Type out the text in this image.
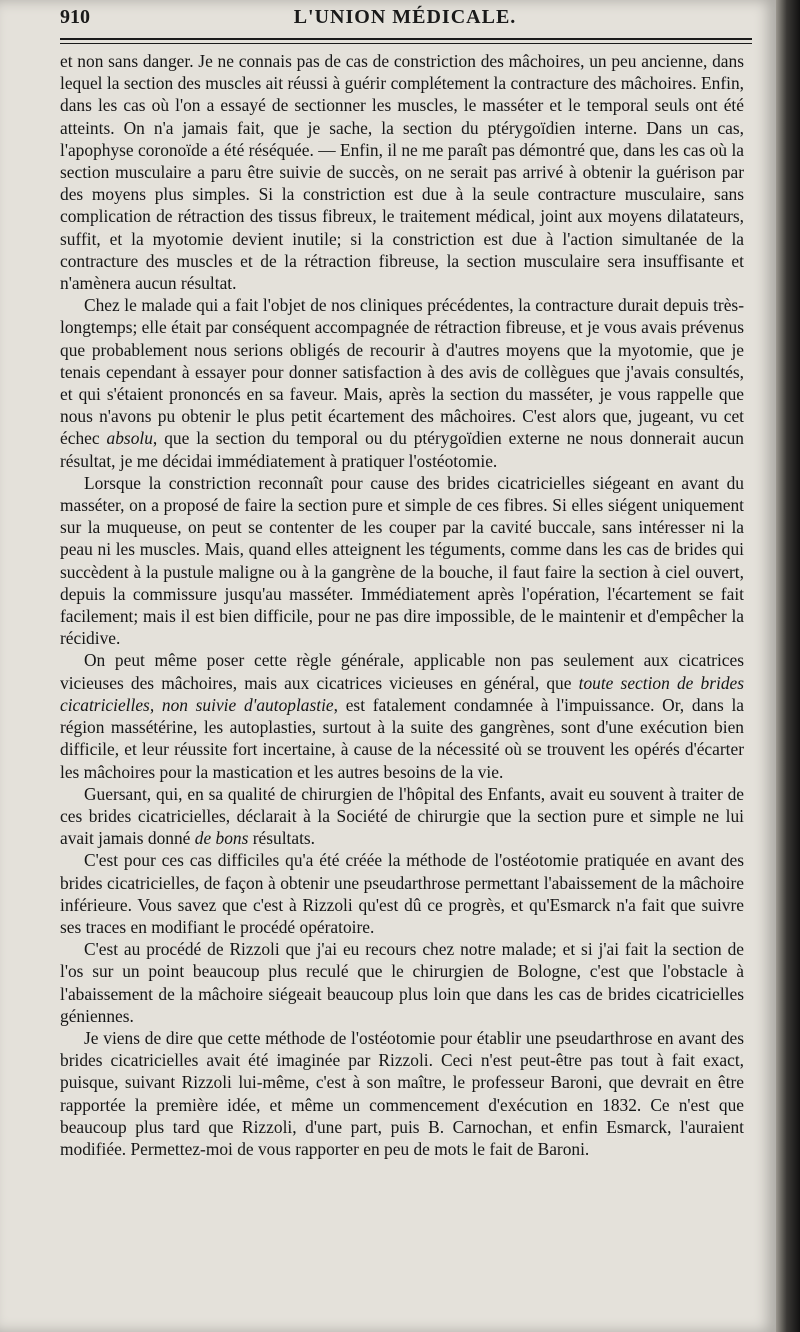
910	L'UNION MÉDICALE.

et non sans danger. Je ne connais pas de cas de constriction des mâchoires, un peu ancienne, dans lequel la section des muscles ait réussi à guérir complétement la contracture des mâchoires. Enfin, dans les cas où l'on a essayé de sectionner les muscles, le masséter et le temporal seuls ont été atteints. On n'a jamais fait, que je sache, la section du ptérygoïdien interne. Dans un cas, l'apophyse coronoïde a été réséquée. — Enfin, il ne me paraît pas démontré que, dans les cas où la section musculaire a paru être suivie de succès, on ne serait pas arrivé à obtenir la guérison par des moyens plus simples. Si la constriction est due à la seule contracture musculaire, sans complication de rétraction des tissus fibreux, le traitement médical, joint aux moyens dilatateurs, suffit, et la myotomie devient inutile; si la constriction est due à l'action simultanée de la contracture des muscles et de la rétraction fibreuse, la section musculaire sera insuffisante et n'amènera aucun résultat.

Chez le malade qui a fait l'objet de nos cliniques précédentes, la contracture durait depuis très-longtemps; elle était par conséquent accompagnée de rétraction fibreuse, et je vous avais prévenus que probablement nous serions obligés de recourir à d'autres moyens que la myotomie, que je tenais cependant à essayer pour donner satisfaction à des avis de collègues que j'avais consultés, et qui s'étaient prononcés en sa faveur. Mais, après la section du masséter, je vous rappelle que nous n'avons pu obtenir le plus petit écartement des mâchoires. C'est alors que, jugeant, vu cet échec absolu, que la section du temporal ou du ptérygoïdien externe ne nous donnerait aucun résultat, je me décidai immédiatement à pratiquer l'ostéotomie.

Lorsque la constriction reconnaît pour cause des brides cicatricielles siégeant en avant du masséter, on a proposé de faire la section pure et simple de ces fibres. Si elles siégent uniquement sur la muqueuse, on peut se contenter de les couper par la cavité buccale, sans intéresser ni la peau ni les muscles. Mais, quand elles atteignent les téguments, comme dans les cas de brides qui succèdent à la pustule maligne ou à la gangrène de la bouche, il faut faire la section à ciel ouvert, depuis la commissure jusqu'au masséter. Immédiatement après l'opération, l'écartement se fait facilement; mais il est bien difficile, pour ne pas dire impossible, de le maintenir et d'empêcher la récidive.

On peut même poser cette règle générale, applicable non pas seulement aux cicatrices vicieuses des mâchoires, mais aux cicatrices vicieuses en général, que toute section de brides cicatricielles, non suivie d'autoplastie, est fatalement condamnée à l'impuissance. Or, dans la région massétérine, les autoplasties, surtout à la suite des gangrènes, sont d'une exécution bien difficile, et leur réussite fort incertaine, à cause de la nécessité où se trouvent les opérés d'écarter les mâchoires pour la mastication et les autres besoins de la vie.

Guersant, qui, en sa qualité de chirurgien de l'hôpital des Enfants, avait eu souvent à traiter de ces brides cicatricielles, déclarait à la Société de chirurgie que la section pure et simple ne lui avait jamais donné de bons résultats.

C'est pour ces cas difficiles qu'a été créée la méthode de l'ostéotomie pratiquée en avant des brides cicatricielles, de façon à obtenir une pseudarthrose permettant l'abaissement de la mâchoire inférieure. Vous savez que c'est à Rizzoli qu'est dû ce progrès, et qu'Esmarck n'a fait que suivre ses traces en modifiant le procédé opératoire.

C'est au procédé de Rizzoli que j'ai eu recours chez notre malade; et si j'ai fait la section de l'os sur un point beaucoup plus reculé que le chirurgien de Bologne, c'est que l'obstacle à l'abaissement de la mâchoire siégeait beaucoup plus loin que dans les cas de brides cicatricielles géniennes.

Je viens de dire que cette méthode de l'ostéotomie pour établir une pseudarthrose en avant des brides cicatricielles avait été imaginée par Rizzoli. Ceci n'est peut-être pas tout à fait exact, puisque, suivant Rizzoli lui-même, c'est à son maître, le professeur Baroni, que devrait en être rapportée la première idée, et même un commencement d'exécution en 1832. Ce n'est que beaucoup plus tard que Rizzoli, d'une part, puis B. Carnochan, et enfin Esmarck, l'auraient modifiée. Permettez-moi de vous rapporter en peu de mots le fait de Baroni.
